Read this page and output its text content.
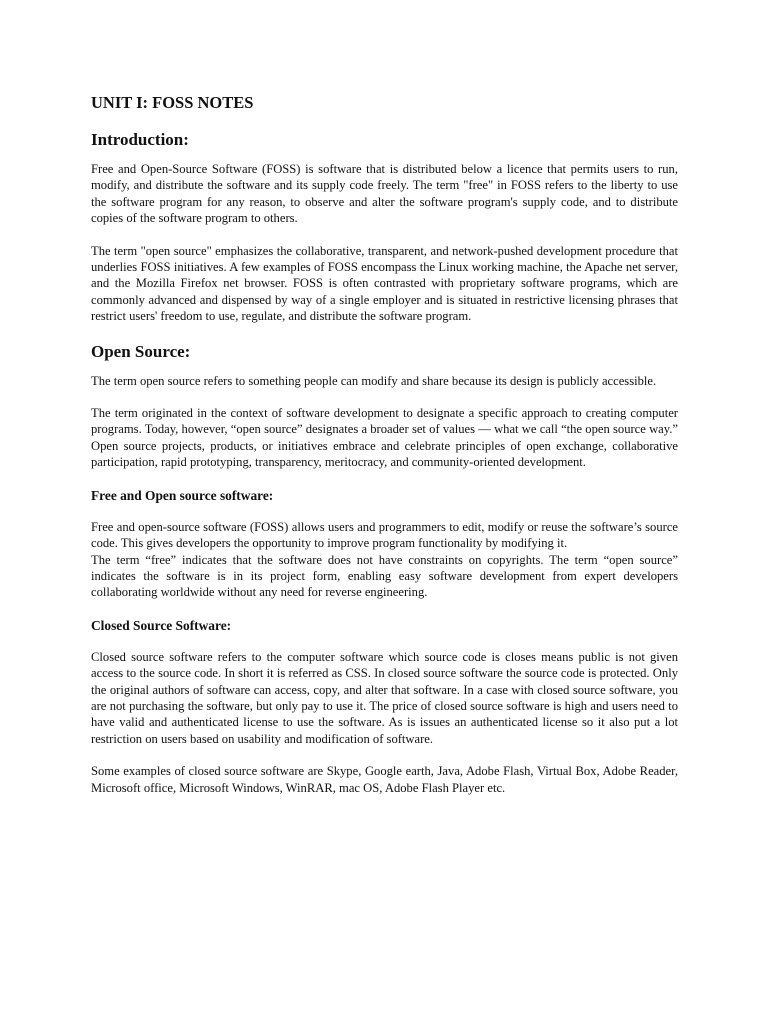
UNIT I: FOSS NOTES
Introduction:

Free and Open-Source Software (FOSS) is software that is distributed below a licence that permits users to run, modify, and distribute the software and its supply code freely. The term "free" in FOSS refers to the liberty to use the software program for any reason, to observe and alter the software program's supply code, and to distribute copies of the software program to others.

The term "open source" emphasizes the collaborative, transparent, and network-pushed development procedure that underlies FOSS initiatives. A few examples of FOSS encompass the Linux working machine, the Apache net server, and the Mozilla Firefox net browser. FOSS is often contrasted with proprietary software programs, which are commonly advanced and dispensed by way of a single employer and is situated in restrictive licensing phrases that restrict users' freedom to use, regulate, and distribute the software program.

Open Source:

The term open source refers to something people can modify and share because its design is publicly accessible.

The term originated in the context of software development to designate a specific approach to creating computer programs. Today, however, “open source” designates a broader set of values — what we call “the open source way.” Open source projects, products, or initiatives embrace and celebrate principles of open exchange, collaborative participation, rapid prototyping, transparency, meritocracy, and community-oriented development.

Free and Open source software:

Free and open-source software (FOSS) allows users and programmers to edit, modify or reuse the software’s source code. This gives developers the opportunity to improve program functionality by modifying it.

The term “free” indicates that the software does not have constraints on copyrights. The term “open source” indicates the software is in its project form, enabling easy software development from expert developers collaborating worldwide without any need for reverse engineering.

Closed Source Software:

Closed source software refers to the computer software which source code is closes means public is not given access to the source code. In short it is referred as CSS. In closed source software the source code is protected. Only the original authors of software can access, copy, and alter that software. In a case with closed source software, you are not purchasing the software, but only pay to use it. The price of closed source software is high and users need to have valid and authenticated license to use the software. As is issues an authenticated license so it also put a lot restriction on users based on usability and modification of software.

Some examples of closed source software are Skype, Google earth, Java, Adobe Flash, Virtual Box, Adobe Reader, Microsoft office, Microsoft Windows, WinRAR, mac OS, Adobe Flash Player etc.
